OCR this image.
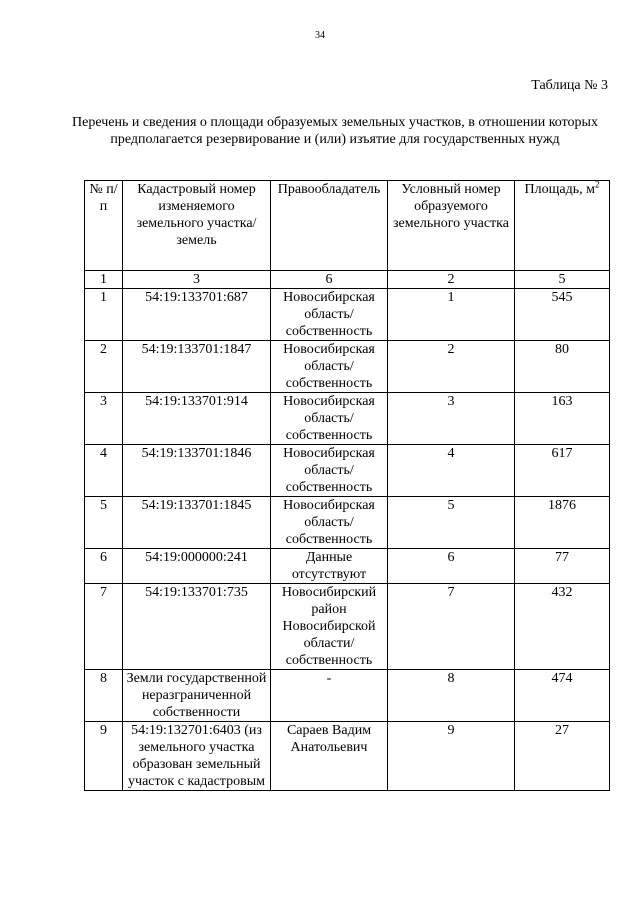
34
Таблица № 3
Перечень и сведения о площади образуемых земельных участков, в отношении которых предполагается резервирование и (или) изъятие для государственных нужд
№ п/п	Кадастровый номер изменяемого земельного участка/земель	Правообладатель	Условный номер образуемого земельного участка	Площадь, $м^2$
1	3	6	2	5
1	54:19:133701:687	Новосибирская область/ собственность	1	545
2	54:19:133701:1847	Новосибирская область/ собственность	2	80
3	54:19:133701:914	Новосибирская область/ собственность	3	163
4	54:19:133701:1846	Новосибирская область/ собственность	4	617
5	54:19:133701:1845	Новосибирская область/ собственность	5	1876
6	54:19:000000:241	Данные отсутствуют	6	77
7	54:19:133701:735	Новосибирский район Новосибирской области/ собственность	7	432
8	Земли государственной неразграниченной собственности	-	8	474
9	54:19:132701:6403 (из земельного участка образован земельный участок с кадастровым	Сараев Вадим Анатольевич	9	27
